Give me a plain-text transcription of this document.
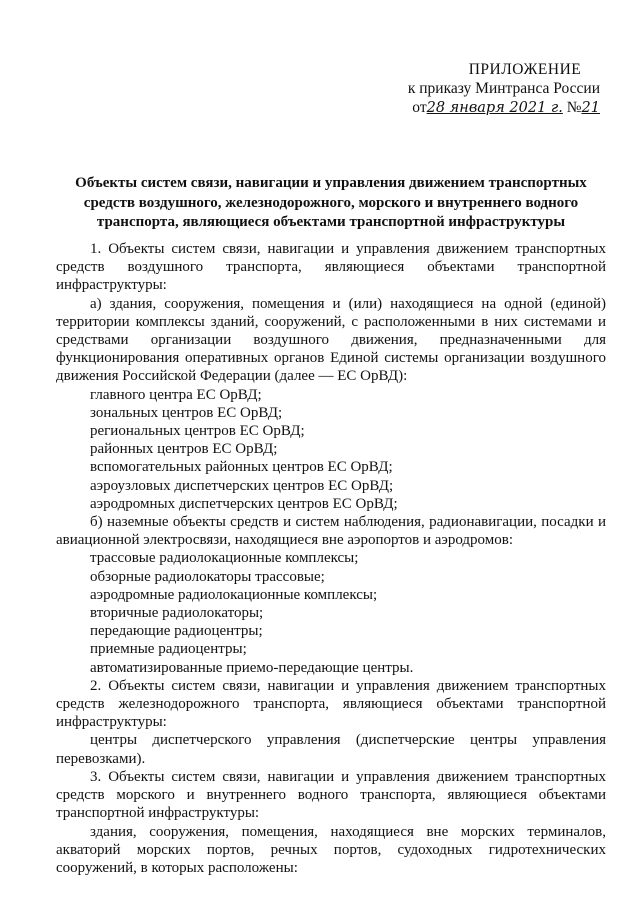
ПРИЛОЖЕНИЕ
к приказу Минтранса России
от28 января 2021 г. №21
Объекты систем связи, навигации и управления движением транспортных средств воздушного, железнодорожного, морского и внутреннего водного транспорта, являющиеся объектами транспортной инфраструктуры

1. Объекты систем связи, навигации и управления движением транспортных средств воздушного транспорта, являющиеся объектами транспортной инфраструктуры:

а) здания, сооружения, помещения и (или) находящиеся на одной (единой) территории комплексы зданий, сооружений, с расположенными в них системами и средствами организации воздушного движения, предназначенными для функционирования оперативных органов Единой системы организации воздушного движения Российской Федерации (далее — ЕС ОрВД):

главного центра ЕС ОрВД;
зональных центров ЕС ОрВД;
региональных центров ЕС ОрВД;
районных центров ЕС ОрВД;
вспомогательных районных центров ЕС ОрВД;
аэроузловых диспетчерских центров ЕС ОрВД;
аэродромных диспетчерских центров ЕС ОрВД;

б) наземные объекты средств и систем наблюдения, радионавигации, посадки и авиационной электросвязи, находящиеся вне аэропортов и аэродромов:

трассовые радиолокационные комплексы;
обзорные радиолокаторы трассовые;
аэродромные радиолокационные комплексы;
вторичные радиолокаторы;
передающие радиоцентры;
приемные радиоцентры;
автоматизированные приемо-передающие центры.

2. Объекты систем связи, навигации и управления движением транспортных средств железнодорожного транспорта, являющиеся объектами транспортной инфраструктуры:

центры диспетчерского управления (диспетчерские центры управления перевозками).

3. Объекты систем связи, навигации и управления движением транспортных средств морского и внутреннего водного транспорта, являющиеся объектами транспортной инфраструктуры:

здания, сооружения, помещения, находящиеся вне морских терминалов, акваторий морских портов, речных портов, судоходных гидротехнических сооружений, в которых расположены:
